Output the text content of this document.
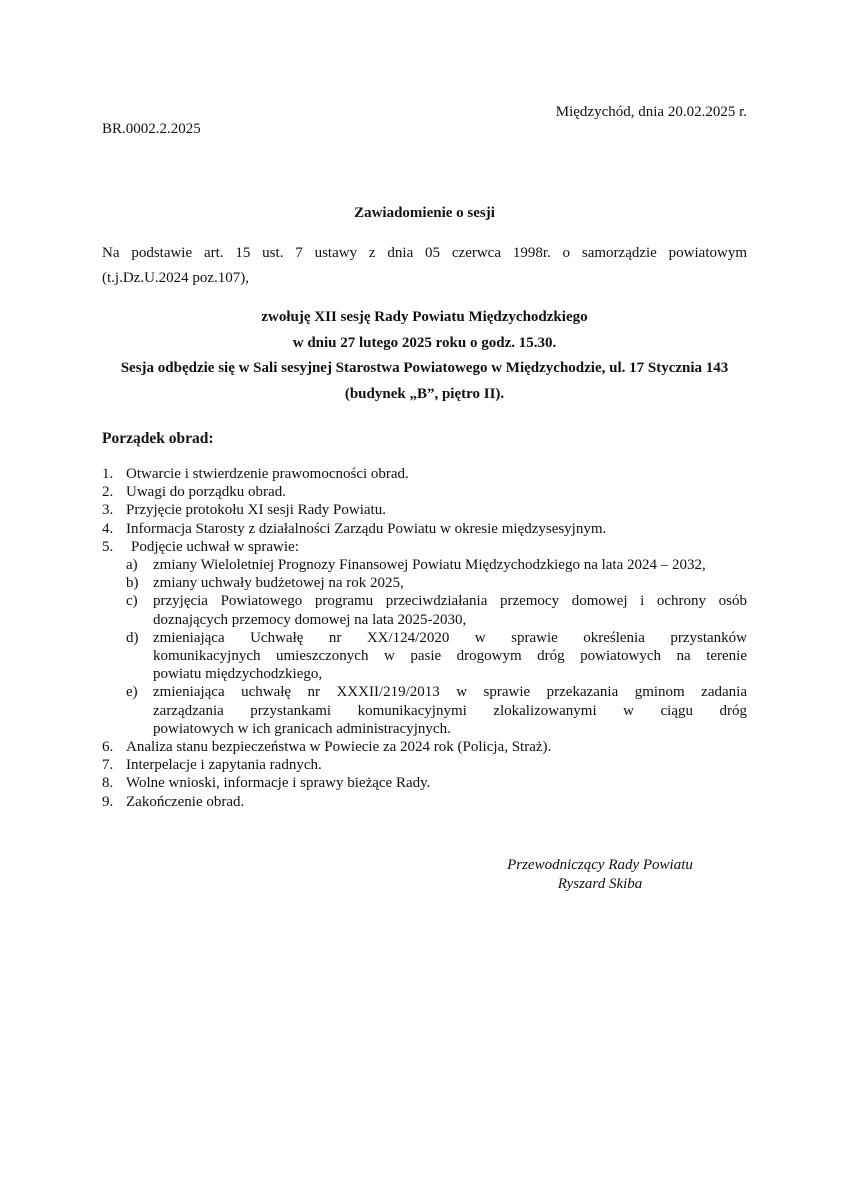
Międzychód, dnia 20.02.2025 r.
BR.0002.2.2025
Zawiadomienie o sesji

Na podstawie art. 15 ust. 7 ustawy z dnia 05 czerwca 1998r. o samorządzie powiatowym
(t.j.Dz.U.2024 poz.107),

zwołuję XII sesję Rady Powiatu Międzychodzkiego
w dniu 27 lutego 2025 roku o godz. 15.30.
Sesja odbędzie się w Sali sesyjnej Starostwa Powiatowego w Międzychodzie, ul. 17 Stycznia 143
(budynek „B”, piętro II).
Porządek obrad:
1. Otwarcie i stwierdzenie prawomocności obrad.
2. Uwagi do porządku obrad.
3. Przyjęcie protokołu XI sesji Rady Powiatu.
4. Informacja Starosty z działalności Zarządu Powiatu w okresie międzysesyjnym.
5. Podjęcie uchwał w sprawie:
a) zmiany Wieloletniej Prognozy Finansowej Powiatu Międzychodzkiego na lata 2024 – 2032,
b) zmiany uchwały budżetowej na rok 2025,
c) przyjęcia Powiatowego programu przeciwdziałania przemocy domowej i ochrony osób
doznających przemocy domowej na lata 2025-2030,
d) zmieniająca Uchwałę nr XX/124/2020 w sprawie określenia przystanków
komunikacyjnych umieszczonych w pasie drogowym dróg powiatowych na terenie
powiatu międzychodzkiego,
e) zmieniająca uchwałę nr XXXII/219/2013 w sprawie przekazania gminom zadania
zarządzania przystankami komunikacyjnymi zlokalizowanymi w ciągu dróg
powiatowych w ich granicach administracyjnych.
6. Analiza stanu bezpieczeństwa w Powiecie za 2024 rok (Policja, Straż).
7. Interpelacje i zapytania radnych.
8. Wolne wnioski, informacje i sprawy bieżące Rady.
9. Zakończenie obrad.
Przewodniczący Rady Powiatu
Ryszard Skiba
